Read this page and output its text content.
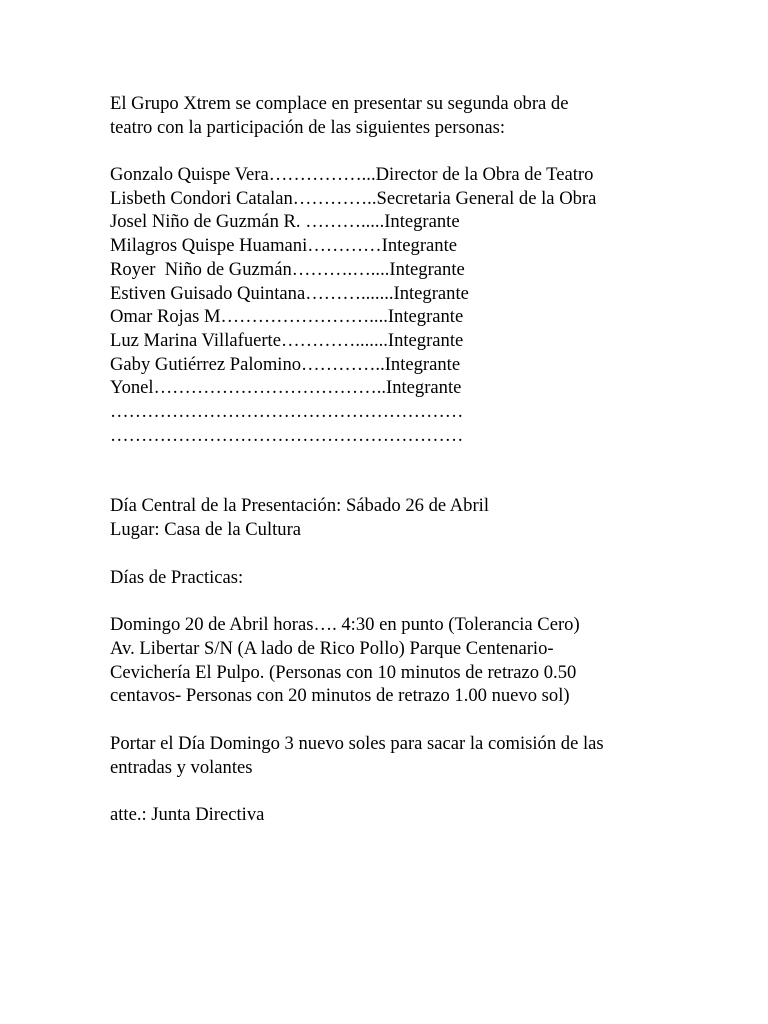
El Grupo Xtrem se complace en presentar su segunda obra de
teatro con la participación de las siguientes personas:
Gonzalo Quispe Vera……………...Director de la Obra de Teatro
Lisbeth Condori Catalan…………..Secretaria General de la Obra
Josel Niño de Guzmán R. ……….....Integrante
Milagros Quispe Huamani…………Integrante
Royer  Niño de Guzmán……….…....Integrante
Estiven Guisado Quintana……….......Integrante
Omar Rojas M……………………....Integrante
Luz Marina Villafuerte………….......Integrante
Gaby Gutiérrez Palomino…………..Integrante
Yonel………………………………..Integrante
…………………………………………………
…………………………………………………
Día Central de la Presentación: Sábado 26 de Abril
Lugar: Casa de la Cultura
Días de Practicas:
Domingo 20 de Abril horas…. 4:30 en punto (Tolerancia Cero)
Av. Libertar S/N (A lado de Rico Pollo) Parque Centenario-
Cevichería El Pulpo. (Personas con 10 minutos de retrazo 0.50
centavos- Personas con 20 minutos de retrazo 1.00 nuevo sol)
Portar el Día Domingo 3 nuevo soles para sacar la comisión de las
entradas y volantes
atte.: Junta Directiva
